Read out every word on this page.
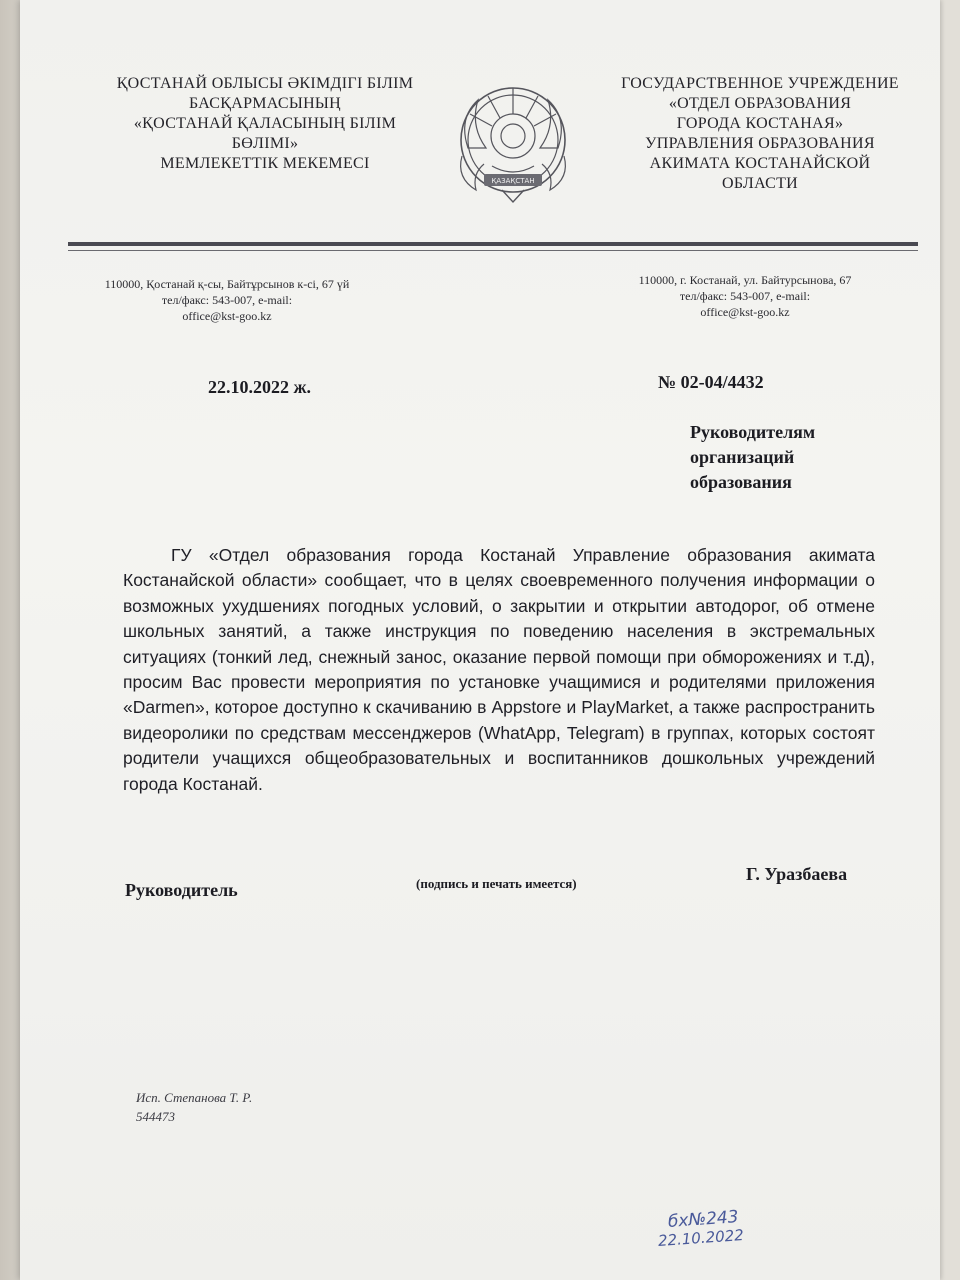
ҚОСТАНАЙ ОБЛЫСЫ ӘКІМДІГІ БІЛІМ
БАСҚАРМАСЫНЫҢ
«ҚОСТАНАЙ ҚАЛАСЫНЫҢ БІЛІМ
БӨЛІМІ»
МЕМЛЕКЕТТІК МЕКЕМЕСІ
ҚАЗАҚСТАН
ГОСУДАРСТВЕННОЕ УЧРЕЖДЕНИЕ
«ОТДЕЛ ОБРАЗОВАНИЯ
ГОРОДА КОСТАНАЯ»
УПРАВЛЕНИЯ ОБРАЗОВАНИЯ
АКИМАТА КОСТАНАЙСКОЙ
ОБЛАСТИ
110000, Қостанай қ-сы, Байтұрсынов к-сі, 67 үй
тел/факс: 543-007, e-mail:
office@kst-goo.kz
110000, г. Костанай, ул. Байтурсынова, 67
тел/факс: 543-007, e-mail:
office@kst-goo.kz
22.10.2022 ж.	№ 02-04/4432
Руководителям
организаций
образования
ГУ «Отдел образования города Костанай Управление образования акимата Костанайской области» сообщает, что в целях своевременного получения информации о возможных ухудшениях погодных условий, о закрытии и открытии автодорог, об отмене школьных занятий, а также инструкция по поведению населения в экстремальных ситуациях (тонкий лед, снежный занос, оказание первой помощи при обморожениях и т.д), просим Вас провести мероприятия по установке учащимися и родителями приложения «Darmen», которое доступно к скачиванию в Appstore и PlayMarket, а также распространить видеоролики по средствам мессенджеров (WhatApp, Telegram) в группах, которых состоят родители учащихся общеобразовательных и воспитанников дошкольных учреждений города Костанай.
Руководитель	(подпись и печать имеется)	Г. Уразбаева
Исп. Степанова Т. Р.
544473
бх№243
22.10.2022
